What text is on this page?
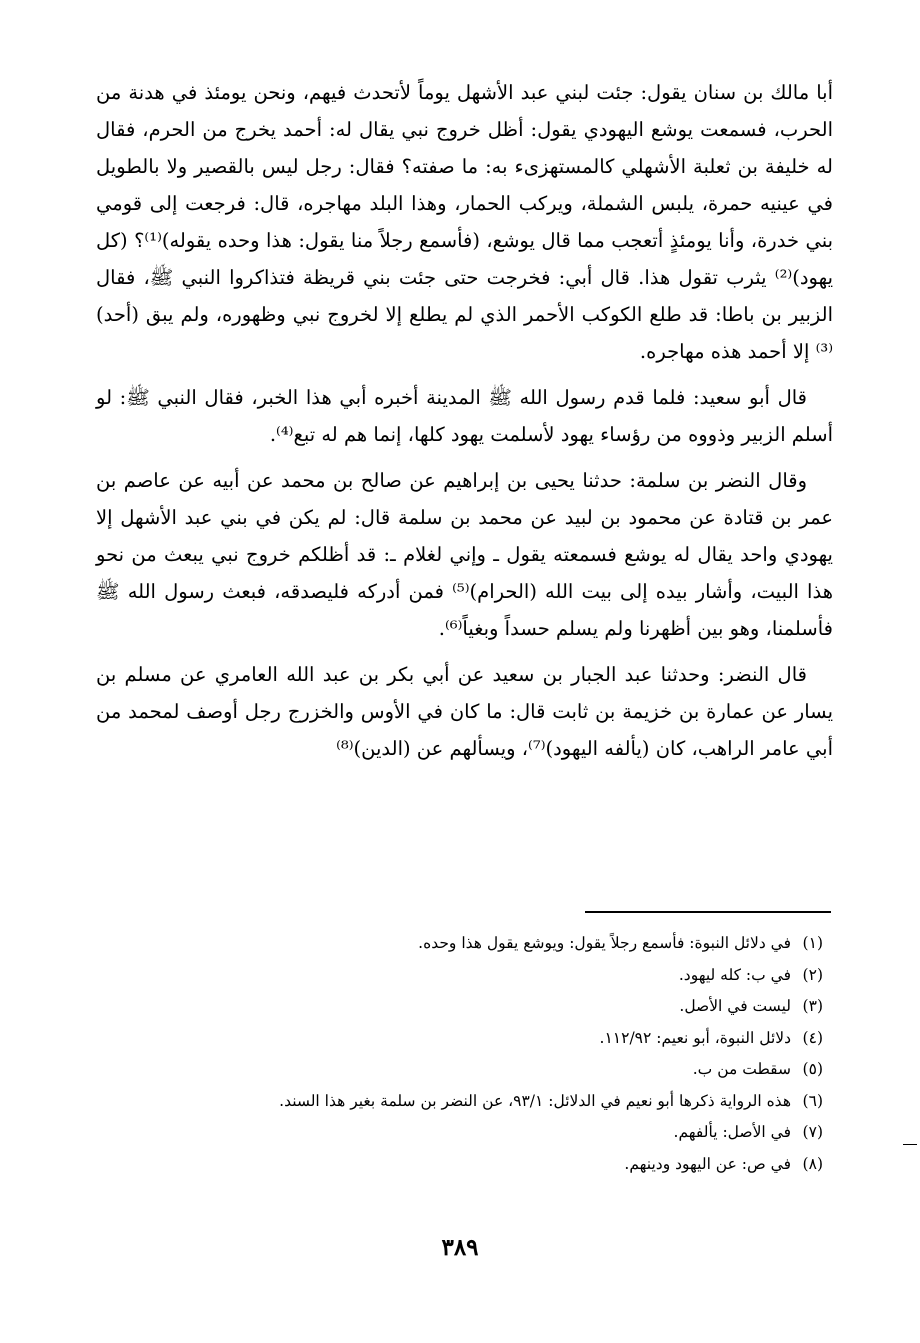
أبا مالك بن سنان يقول: جئت لبني عبد الأشهل يوماً لأتحدث فيهم، ونحن يومئذ في هدنة من الحرب، فسمعت يوشع اليهودي يقول: أظل خروج نبي يقال له: أحمد يخرج من الحرم، فقال له خليفة بن ثعلبة الأشهلي كالمستهزىء به: ما صفته؟ فقال: رجل ليس بالقصير ولا بالطويل في عينيه حمرة، يلبس الشملة، ويركب الحمار، وهذا البلد مهاجره، قال: فرجعت إلى قومي بني خدرة، وأنا يومئذٍ أتعجب مما قال يوشع، (فأسمع رجلاً منا يقول: هذا وحده يقوله)⁽¹⁾؟ (كل يهود)⁽²⁾ يثرب تقول هذا. قال أبي: فخرجت حتى جئت بني قريظة فتذاكروا النبي ﷺ، فقال الزبير بن باطا: قد طلع الكوكب الأحمر الذي لم يطلع إلا لخروج نبي وظهوره، ولم يبق (أحد)⁽³⁾ إلا أحمد هذه مهاجره.

قال أبو سعيد: فلما قدم رسول الله ﷺ المدينة أخبره أبي هذا الخبر، فقال النبي ﷺ: لو أسلم الزبير وذووه من رؤساء يهود لأسلمت يهود كلها، إنما هم له تبع⁽⁴⁾.

وقال النضر بن سلمة: حدثنا يحيى بن إبراهيم عن صالح بن محمد عن أبيه عن عاصم بن عمر بن قتادة عن محمود بن لبيد عن محمد بن سلمة قال: لم يكن في بني عبد الأشهل إلا يهودي واحد يقال له يوشع فسمعته يقول ـ وإني لغلام ـ: قد أظلكم خروج نبي يبعث من نحو هذا البيت، وأشار بيده إلى بيت الله (الحرام)⁽⁵⁾ فمن أدركه فليصدقه، فبعث رسول الله ﷺ فأسلمنا، وهو بين أظهرنا ولم يسلم حسداً وبغياً⁽⁶⁾.

قال النضر: وحدثنا عبد الجبار بن سعيد عن أبي بكر بن عبد الله العامري عن مسلم بن يسار عن عمارة بن خزيمة بن ثابت قال: ما كان في الأوس والخزرج رجل أوصف لمحمد من أبي عامر الراهب، كان (يألفه اليهود)⁽⁷⁾، ويسألهم عن (الدين)⁽⁸⁾

(١)
في دلائل النبوة: فأسمع رجلاً يقول: ويوشع يقول هذا وحده.
(٢)
في ب: كله ليهود.
(٣)
ليست في الأصل.
(٤)
دلائل النبوة، أبو نعيم: ١١٢/٩٢.
(٥)
سقطت من ب.
(٦)
هذه الرواية ذكرها أبو نعيم في الدلائل: ٩٣/١، عن النضر بن سلمة بغير هذا السند.
(٧)
في الأصل: يألفهم.
(٨)
في ص: عن اليهود ودينهم.
٣٨٩
